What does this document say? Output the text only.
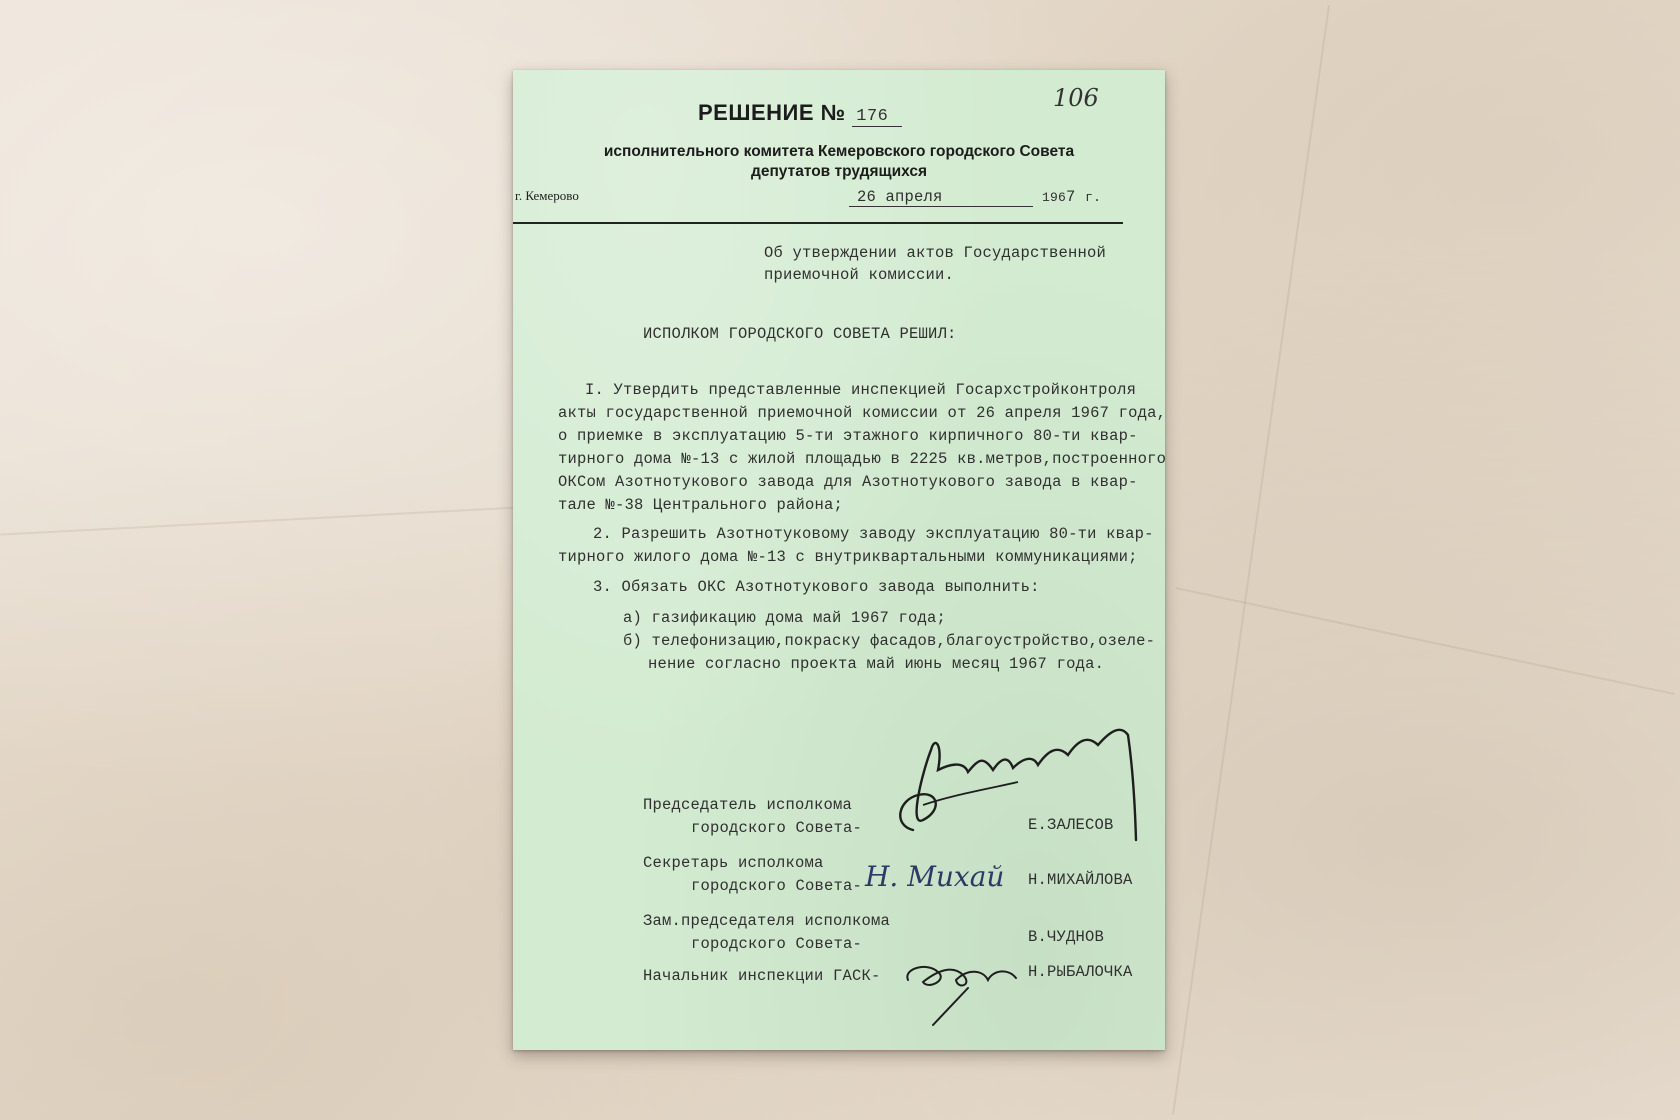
РЕШЕНИЕ № 176
106
исполнительного комитета Кемеровского городского Совета
депутатов трудящихся
г. Кемерово	26 апреля	1967 г.
Об утверждении актов Государственной
приемочной комиссии.
ИСПОЛКОМ ГОРОДСКОГО СОВЕТА РЕШИЛ:
I. Утвердить представленные инспекцией Госархстройконтроля
акты государственной приемочной комиссии от 26 апреля 1967 года,
о приемке в эксплуатацию 5-ти этажного кирпичного 80-ти квар-
тирного дома №-13 с жилой площадью в 2225 кв.метров,построенного
ОКСом Азотнотукового завода для Азотнотукового завода в квар-
тале №-38 Центрального района;
2. Разрешить Азотнотуковому заводу эксплуатацию 80-ти квар-
тирного жилого дома №-13 с внутриквартальными коммуникациями;
3. Обязать ОКС Азотнотукового завода выполнить:
а) газификацию дома май 1967 года;
б) телефонизацию,покраску фасадов,благоустройство,озеле-
нение согласно проекта май июнь месяц 1967 года.
Председатель исполкома
городского Совета-	Е.ЗАЛЕСОВ
Секретарь исполкома
городского Совета- Н. Михай Н.МИХАЙЛОВА
Зам.председателя исполкома
городского Совета-	В.ЧУДНОВ
Начальник инспекции ГАСК-	Н.РЫБАЛОЧКА
